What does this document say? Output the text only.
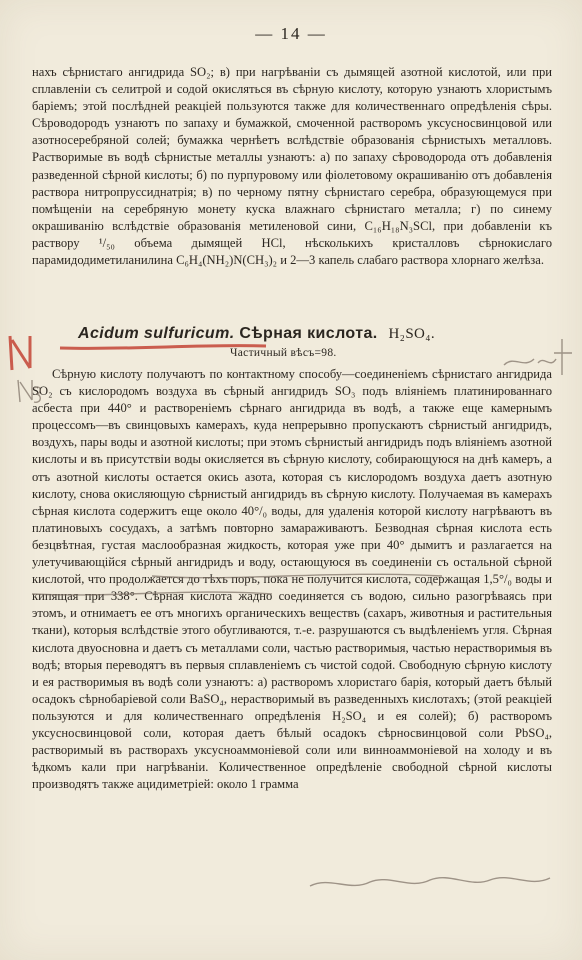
— 14 —

нахъ сѣрнистаго ангидрида SO₂; в) при нагрѣваніи съ дымящей азотной кислотой, или при сплавленіи съ селитрой и содой окисляться въ сѣрную кислоту, которую узнаютъ хлористымъ баріемъ; этой послѣдней реакціей пользуются также для количественнаго опредѣленія сѣры. Сѣроводородъ узнаютъ по запаху и бумажкой, смоченной растворомъ уксусносвинцовой или азотносеребряной солей; бумажка чернѣетъ вслѣдствіе образованія сѣрнистыхъ металловъ. Растворимые въ водѣ сѣрнистые металлы узнаютъ: а) по запаху сѣроводорода отъ добавленія разведенной сѣрной кислоты; б) по пурпуровому или фіолетовому окрашиванію отъ добавленія раствора нитропруссиднатрія; в) по черному пятну сѣрнистаго серебра, образующемуся при помѣщеніи на серебряную монету куска влажнаго сѣрнистаго металла; г) по синему окрашиванію вслѣдствіе образованія метиленовой сини, C₁₆H₁₈N₃SCl, при добавленіи къ раствору ¹/₅₀ объема дымящей HCl, нѣсколькихъ кристалловъ сѣрнокислаго парамидодиметиланилина C₆H₄(NH₂)N(CH₃)₂ и 2—3 капель слабаго раствора хлорнаго желѣза.

Acidum sulfuricum. Сѣрная кислота. H₂SO₄.
Частичный вѣсъ=98.

Сѣрную кислоту получаютъ по контактному способу—соединеніемъ сѣрнистаго ангидрида SO₂ съ кислородомъ воздуха въ сѣрный ангидридъ SO₃ подъ вліяніемъ платинированнаго асбеста при 440° и растворенiемъ сѣрнаго ангидрида въ водѣ, а также еще камернымъ процессомъ—въ свинцовыхъ камерахъ, куда непрерывно пропускаютъ сѣрнистый ангидридъ, воздухъ, пары воды и азотной кислоты; при этомъ сѣрнистый ангидридъ подъ вліяніемъ азотной кислоты и въ присутствіи воды окисляется въ сѣрную кислоту, собирающуюся на днѣ камеръ, а отъ азотной кислоты остается окись азота, которая съ кислородомъ воздуха даетъ азотную кислоту, снова окисляющую сѣрнистый ангидридъ въ сѣрную кислоту. Получаемая въ камерахъ сѣрная кислота содержитъ еще около 40°/₀ воды, для удаленія которой кислоту нагрѣваютъ въ платиновыхъ сосудахъ, а затѣмъ повторно замараживаютъ. Безводная сѣрная кислота есть безцвѣтная, густая маслообразная жидкость, которая уже при 40° дымитъ и разлагается на улетучивающійся сѣрный ангидридъ и воду, остающуюся въ соединеніи съ остальной сѣрной кислотой, что продолжается до тѣхъ поръ, пока не получится кислота, содержащая 1,5°/₀ воды и кипящая при 338°. Сѣрная кислота жадно соединяется съ водою, сильно разогрѣваясь при этомъ, и отнимаетъ ее отъ многихъ органическихъ веществъ (сахаръ, животныя и растительныя ткани), которыя вслѣдствіе этого обугливаются, т.-е. разрушаются съ выдѣленіемъ угля. Сѣрная кислота двуосновна и даетъ съ металлами соли, частью растворимыя, частью нерастворимыя въ водѣ; вторыя переводятъ въ первыя сплавленіемъ съ чистой содой. Свободную сѣрную кислоту и ея растворимыя въ водѣ соли узнаютъ: а) растворомъ хлористаго барія, который даетъ бѣлый осадокъ сѣрнобаріевой соли BaSO₄, нерастворимый въ разведенныхъ кислотахъ; (этой реакціей пользуются и для количественнаго опредѣленія H₂SO₄ и ея солей); б) растворомъ уксусносвинцовой соли, которая даетъ бѣлый осадокъ сѣрносвинцовой соли PbSO₄, растворимый въ растворахъ уксусноаммоніевой соли или виннoаммоніевой на холоду и въ ѣдкомъ кали при нагрѣваніи. Количественное опредѣленіе свободной сѣрной кислоты производятъ также ацидиметріей: около 1 грамма
